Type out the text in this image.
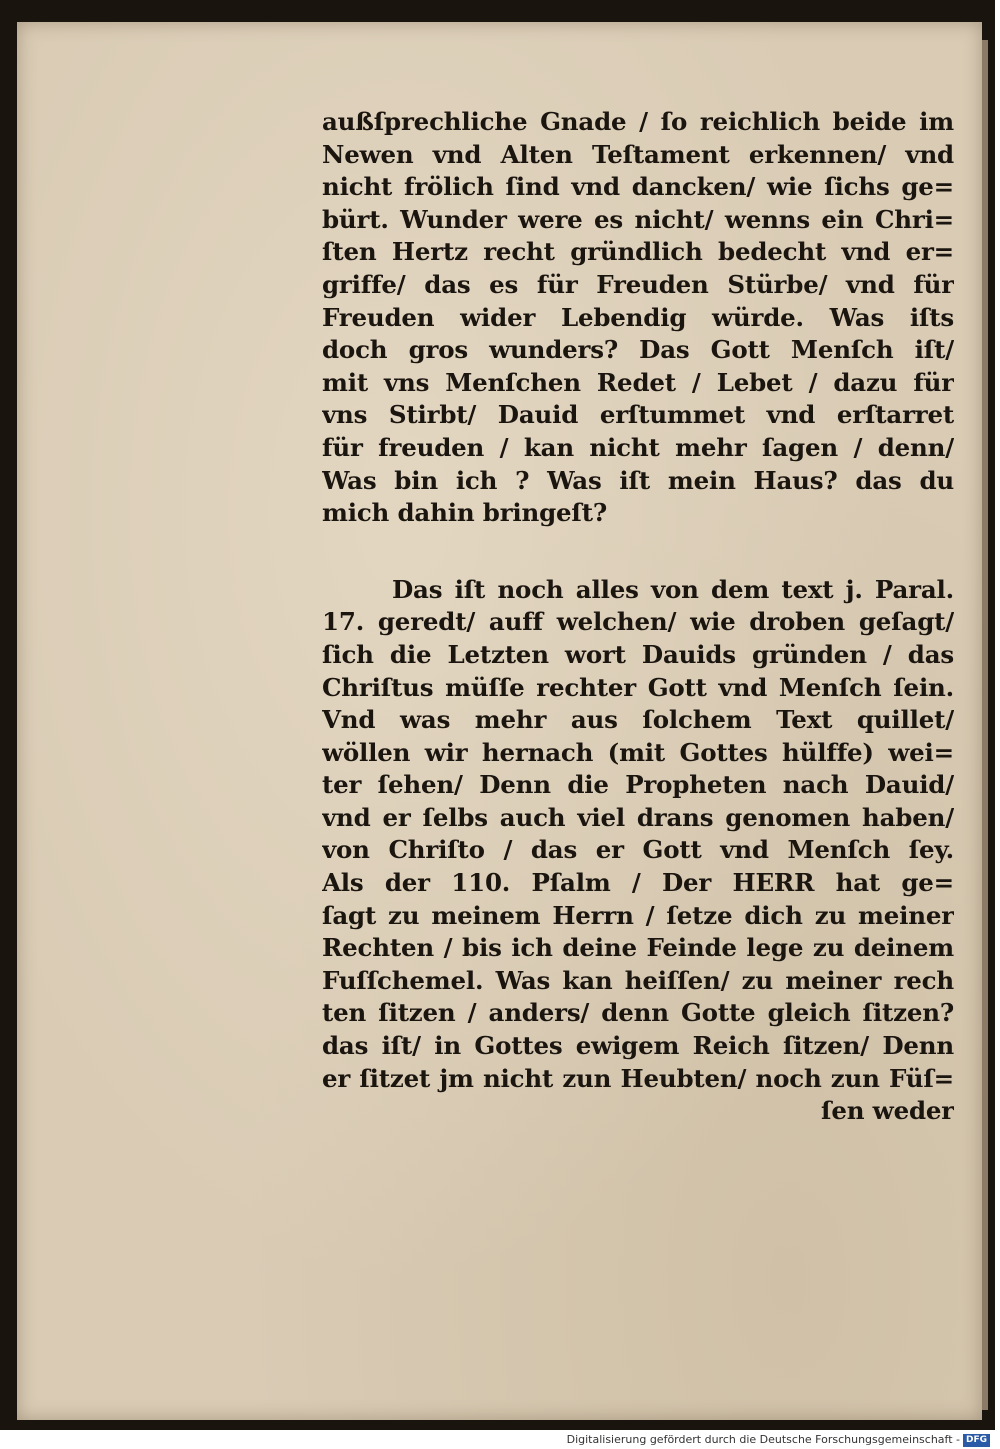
außſprechliche Gnade / ſo reichlich beide im
Newen vnd Alten Teſtament erkennen/ vnd
nicht frölich ſind vnd dancken/ wie ſichs ge=
bürt. Wunder were es nicht/ wenns ein Chri=
ſten Hertz recht gründlich bedecht vnd er=
griffe/ das es für Freuden Stürbe/ vnd für
Freuden wider Lebendig würde. Was iſts
doch gros wunders? Das Gott Menſch iſt/
mit vns Menſchen Redet / Lebet / dazu für
vns Stirbt/ Dauid erſtummet vnd erſtarret
für freuden / kan nicht mehr ſagen / denn/
Was bin ich ? Was iſt mein Haus? das du
mich dahin bringeſt?
Das iſt noch alles von dem text j. Paral.
17. geredt/ auff welchen/ wie droben geſagt/
ſich die Letzten wort Dauids gründen / das
Chriſtus müſſe rechter Gott vnd Menſch ſein.
Vnd was mehr aus ſolchem Text quillet/
wöllen wir hernach (mit Gottes hülffe) wei=
ter ſehen/ Denn die Propheten nach Dauid/
vnd er ſelbs auch viel drans genomen haben/
von Chriſto / das er Gott vnd Menſch ſey.
Als der 110. Pſalm / Der HERR hat ge=
ſagt zu meinem Herrn / ſetze dich zu meiner
Rechten / bis ich deine Feinde lege zu deinem
Fuſſchemel. Was kan heiſſen/ zu meiner rech
ten ſitzen / anders/ denn Gotte gleich ſitzen?
das iſt/ in Gottes ewigem Reich ſitzen/ Denn
er ſitzet jm nicht zun Heubten/ noch zun Füſ=
ſen weder
Digitalisierung gefördert durch die Deutsche Forschungsgemeinschaft - DFG
